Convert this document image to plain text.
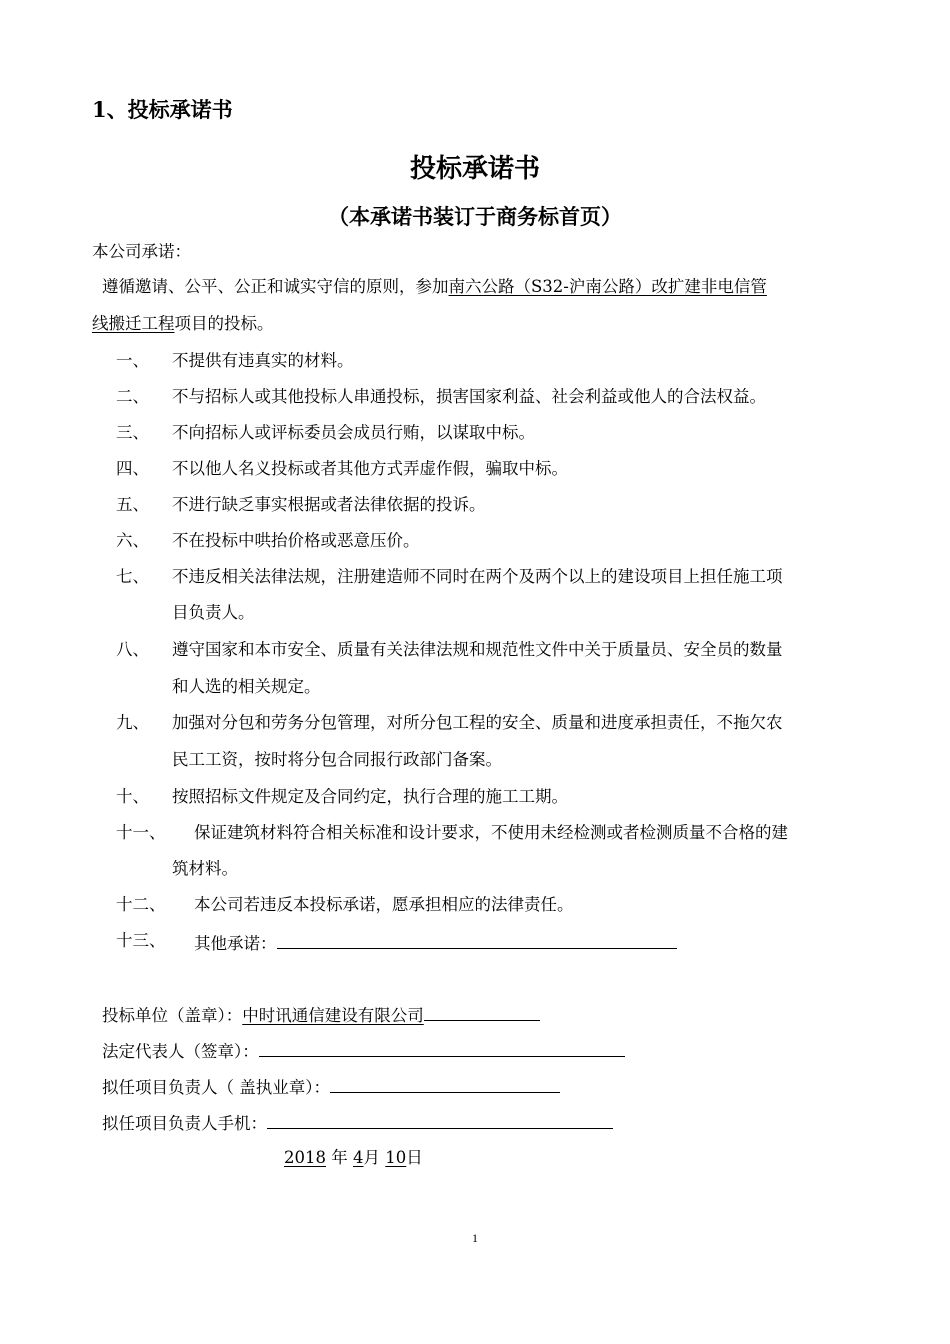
1、投标承诺书
投标承诺书
（本承诺书装订于商务标首页）
本公司承诺：
遵循邀请、公平、公正和诚实守信的原则，参加南六公路（S32-沪南公路）改扩建非电信管
线搬迁工程项目的投标。
一、 不提供有违真实的材料。
二、 不与招标人或其他投标人串通投标，损害国家利益、社会利益或他人的合法权益。
三、 不向招标人或评标委员会成员行贿，以谋取中标。
四、 不以他人名义投标或者其他方式弄虚作假，骗取中标。
五、 不进行缺乏事实根据或者法律依据的投诉。
六、 不在投标中哄抬价格或恶意压价。
七、 不违反相关法律法规，注册建造师不同时在两个及两个以上的建设项目上担任施工项
目负责人。
八、 遵守国家和本市安全、质量有关法律法规和规范性文件中关于质量员、安全员的数量
和人选的相关规定。
九、 加强对分包和劳务分包管理，对所分包工程的安全、质量和进度承担责任，不拖欠农
民工工资，按时将分包合同报行政部门备案。
十、 按照招标文件规定及合同约定，执行合理的施工工期。
十一、 保证建筑材料符合相关标准和设计要求，不使用未经检测或者检测质量不合格的建
筑材料。
十二、 本公司若违反本投标承诺，愿承担相应的法律责任。
十三、 其他承诺：
投标单位（盖章）：中时讯通信建设有限公司
法定代表人（签章）：
拟任项目负责人（ 盖执业章）：
拟任项目负责人手机：
2018 年 4月 10日
1
